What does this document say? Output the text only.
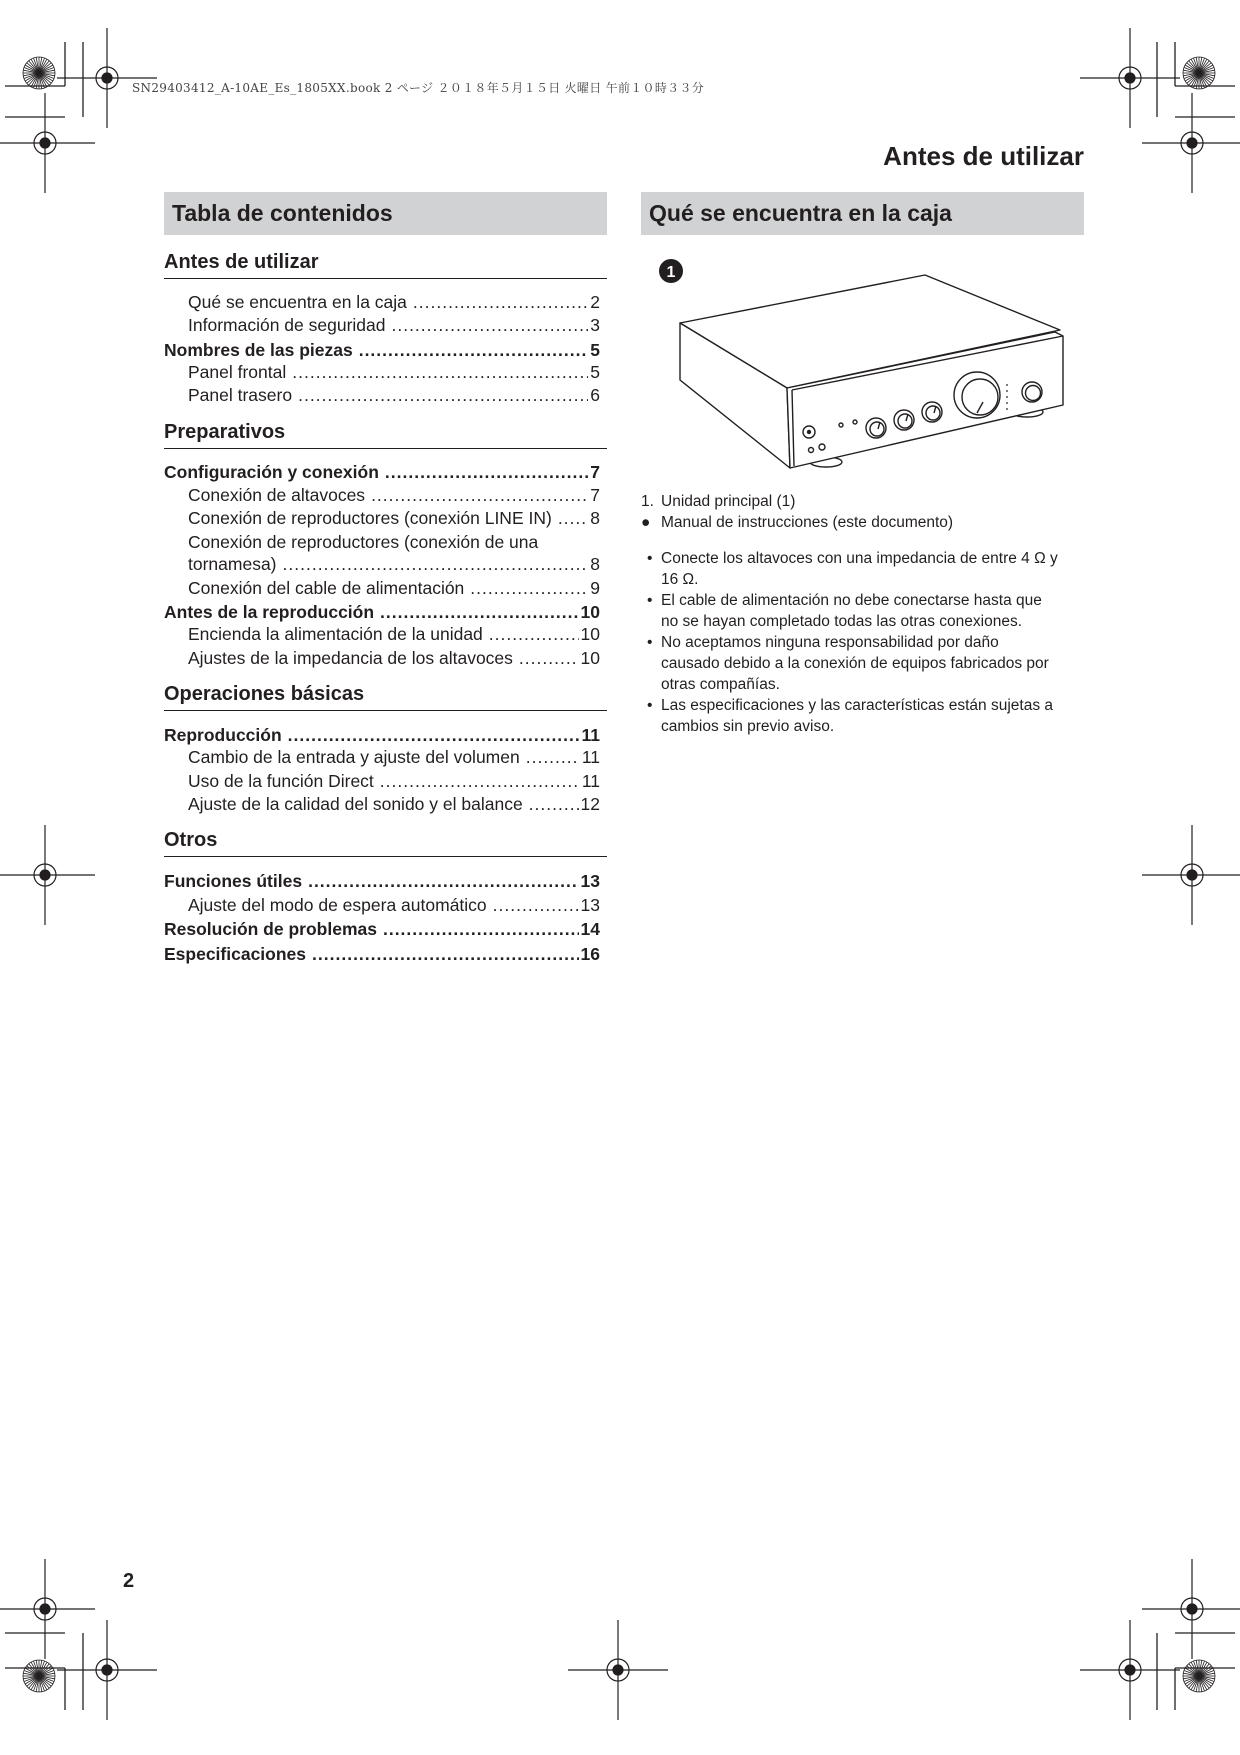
SN29403412_A-10AE_Es_1805XX.book 2 ページ ２０１８年５月１５日 火曜日 午前１０時３３分
Antes de utilizar
Tabla de contenidos
Antes de utilizar
Qué se encuentra en la caja .....	2
Información de seguridad .....	3
Nombres de las piezas .....	5
Panel frontal .....	5
Panel trasero .....	6
Preparativos
Configuración y conexión .....	7
Conexión de altavoces .....	7
Conexión de reproductores (conexión LINE IN) .....	8
Conexión de reproductores (conexión de una
tornamesa) .....	8
Conexión del cable de alimentación .....	9
Antes de la reproducción .....	10
Encienda la alimentación de la unidad .....	10
Ajustes de la impedancia de los altavoces .....	10
Operaciones básicas
Reproducción .....	11
Cambio de la entrada y ajuste del volumen .....	11
Uso de la función Direct .....	11
Ajuste de la calidad del sonido y el balance .....	12
Otros
Funciones útiles .....	13
Ajuste del modo de espera automático .....	13
Resolución de problemas .....	14
Especificaciones .....	16
Qué se encuentra en la caja
1
1. Unidad principal (1)
● Manual de instrucciones (este documento)
• Conecte los altavoces con una impedancia de entre 4 Ω y
16 Ω.
• El cable de alimentación no debe conectarse hasta que
no se hayan completado todas las otras conexiones.
• No aceptamos ninguna responsabilidad por daño
causado debido a la conexión de equipos fabricados por
otras compañías.
• Las especificaciones y las características están sujetas a
cambios sin previo aviso.
2
